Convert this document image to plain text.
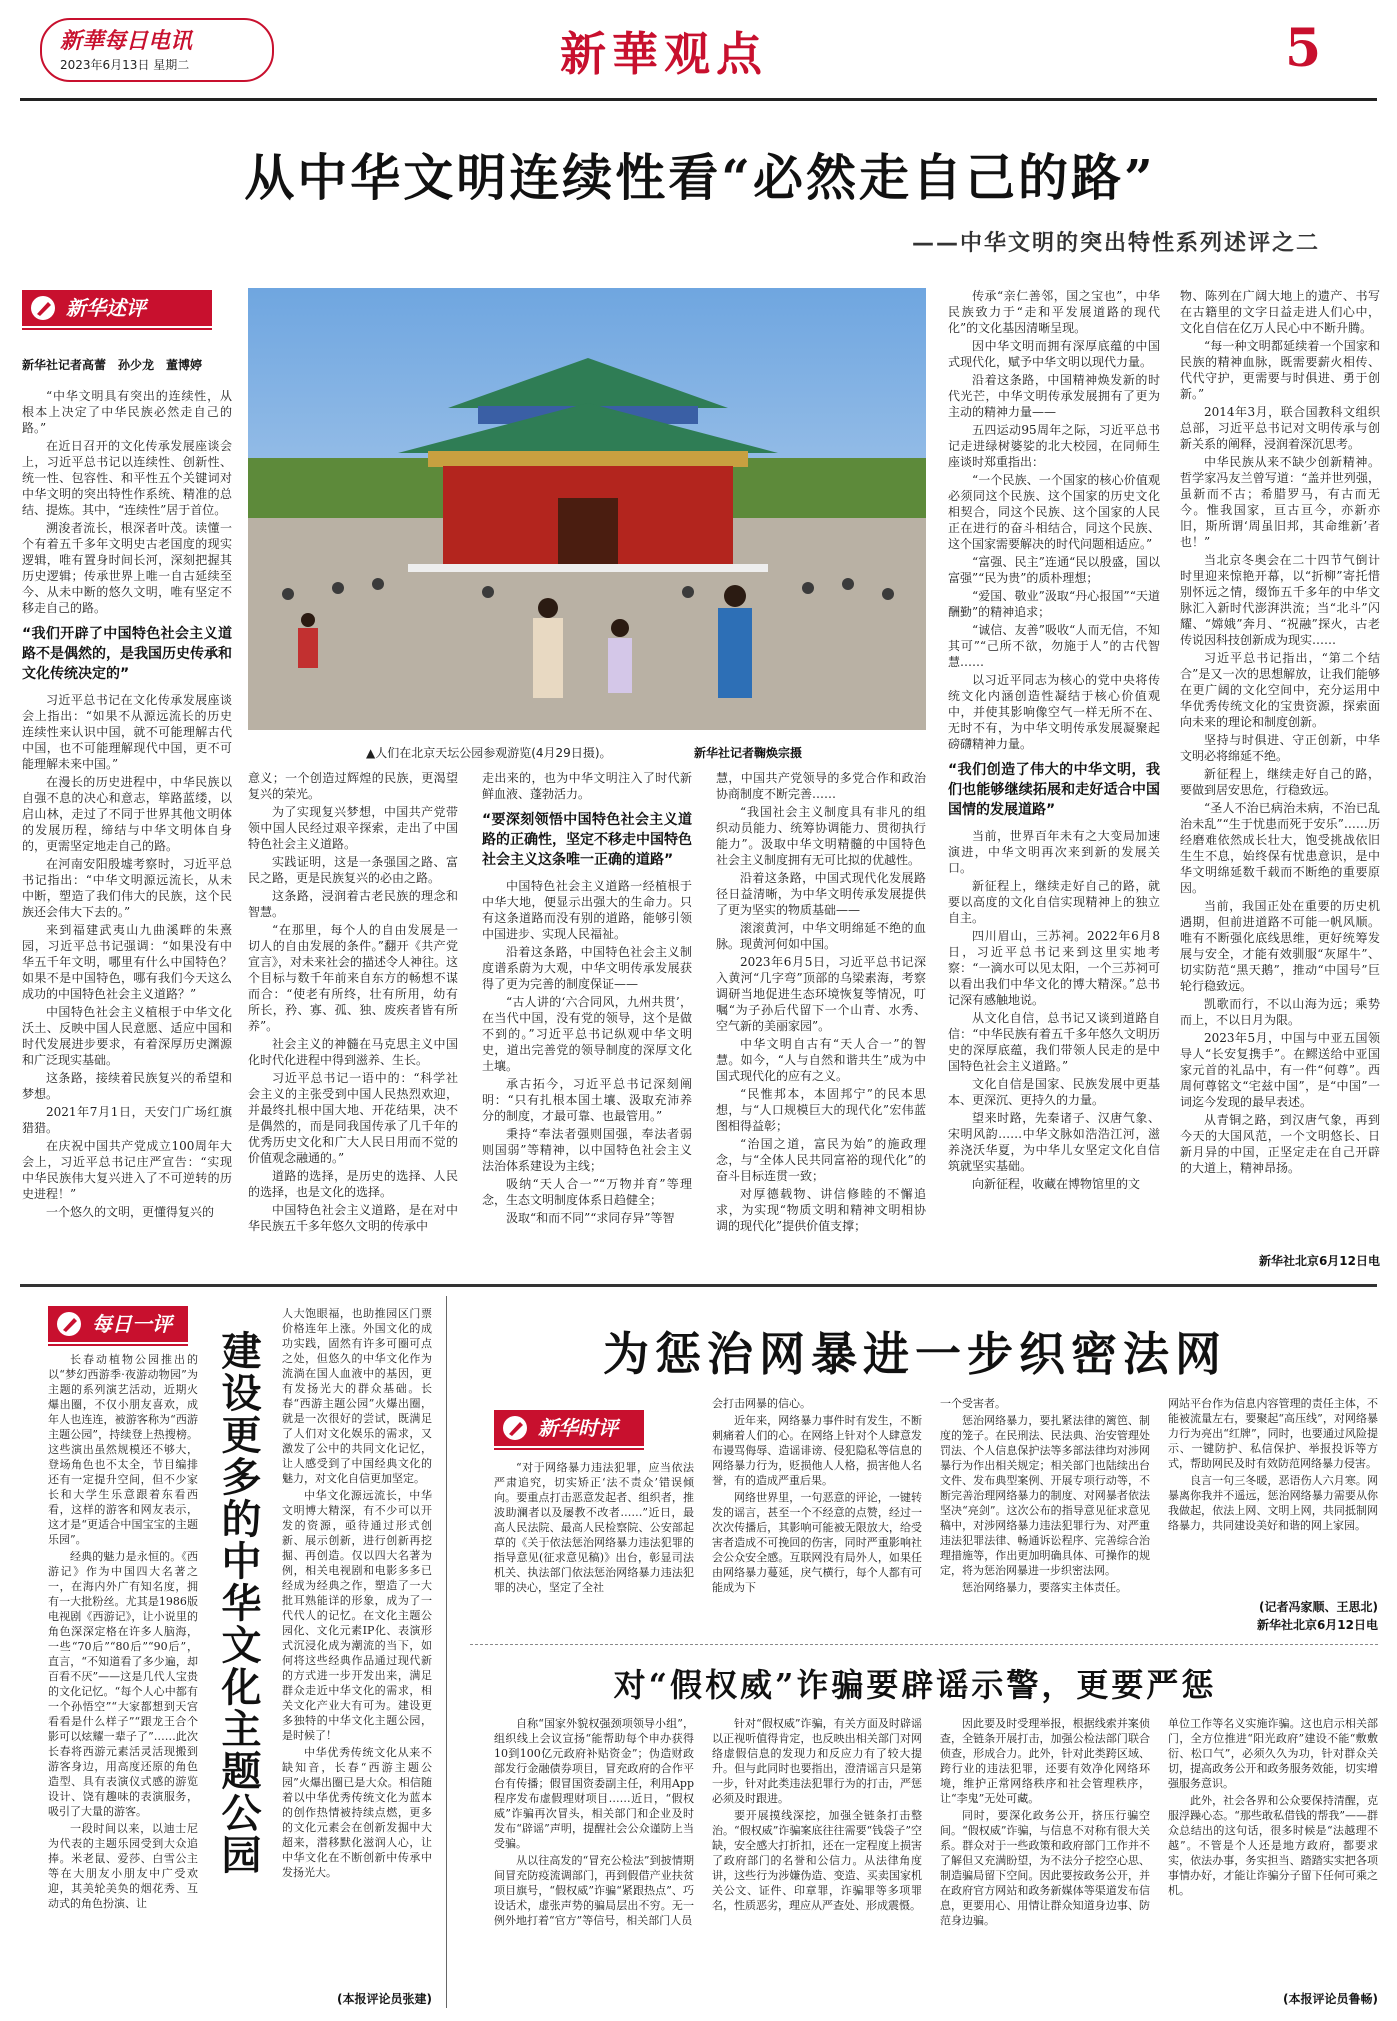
新華每日电讯
2023年6月13日 星期二	新華观点	5
从中华文明连续性看“必然走自己的路”
——中华文明的突出特性系列述评之二
新华述评
新华社记者高蕾　孙少龙　董博婷
▲人们在北京天坛公园参观游览(4月29日摄)。	新华社记者鞠焕宗摄

“中华文明具有突出的连续性，从根本上决定了中华民族必然走自己的路。”

在近日召开的文化传承发展座谈会上，习近平总书记以连续性、创新性、统一性、包容性、和平性五个关键词对中华文明的突出特性作系统、精准的总结、提炼。其中，“连续性”居于首位。

溯浚者流长，根深者叶茂。读懂一个有着五千多年文明史古老国度的现实逻辑，唯有置身时间长河，深刻把握其历史逻辑；传承世界上唯一自古延续至今、从未中断的悠久文明，唯有坚定不移走自己的路。

“我们开辟了中国特色社会主义道路不是偶然的，是我国历史传承和文化传统决定的”

习近平总书记在文化传承发展座谈会上指出：“如果不从源远流长的历史连续性来认识中国，就不可能理解古代中国，也不可能理解现代中国，更不可能理解未来中国。”

在漫长的历史进程中，中华民族以自强不息的决心和意志，筚路蓝缕，以启山林，走过了不同于世界其他文明体的发展历程，缔结与中华文明体自身的，更需坚定地走自己的路。

在河南安阳殷墟考察时，习近平总书记指出：“中华文明源远流长，从未中断，塑造了我们伟大的民族，这个民族还会伟大下去的。”

来到福建武夷山九曲溪畔的朱熹园，习近平总书记强调：“如果没有中华五千年文明，哪里有什么中国特色？如果不是中国特色，哪有我们今天这么成功的中国特色社会主义道路？”

中国特色社会主义植根于中华文化沃土、反映中国人民意愿、适应中国和时代发展进步要求，有着深厚历史渊源和广泛现实基础。

这条路，接续着民族复兴的希望和梦想。

2021年7月1日，天安门广场红旗猎猎。

在庆祝中国共产党成立100周年大会上，习近平总书记庄严宣告：“实现中华民族伟大复兴进入了不可逆转的历史进程！”

一个悠久的文明，更懂得复兴的

意义；一个创造过辉煌的民族，更渴望复兴的荣光。

为了实现复兴梦想，中国共产党带领中国人民经过艰辛探索，走出了中国特色社会主义道路。

实践证明，这是一条强国之路、富民之路，更是民族复兴的必由之路。

这条路，浸润着古老民族的理念和智慧。

“在那里，每个人的自由发展是一切人的自由发展的条件。”翻开《共产党宣言》，对未来社会的描述令人神往。这个目标与数千年前来自东方的畅想不谋而合：“使老有所终，壮有所用，幼有所长，矜、寡、孤、独、废疾者皆有所养”。

社会主义的神髓在马克思主义中国化时代化进程中得到滋养、生长。

习近平总书记一语中的：“科学社会主义的主张受到中国人民热烈欢迎，并最终扎根中国大地、开花结果，决不是偶然的，而是同我国传承了几千年的优秀历史文化和广大人民日用而不觉的价值观念融通的。”

道路的选择，是历史的选择、人民的选择，也是文化的选择。

中国特色社会主义道路，是在对中华民族五千多年悠久文明的传承中

走出来的，也为中华文明注入了时代新鲜血液、蓬勃活力。

“要深刻领悟中国特色社会主义道路的正确性，坚定不移走中国特色社会主义这条唯一正确的道路”

中国特色社会主义道路一经植根于中华大地，便显示出强大的生命力。只有这条道路而没有别的道路，能够引领中国进步、实现人民福祉。

沿着这条路，中国特色社会主义制度谱系蔚为大观，中华文明传承发展获得了更为完善的制度保证——

“古人讲的‘六合同风，九州共贯’，在当代中国，没有党的领导，这个是做不到的。”习近平总书记纵观中华文明史，道出完善党的领导制度的深厚文化土壤。

承古拓今，习近平总书记深刻阐明：“只有扎根本国土壤、汲取充沛养分的制度，才最可靠、也最管用。”

秉持“奉法者强则国强，奉法者弱则国弱”等精神，以中国特色社会主义法治体系建设为主线；

吸纳“天人合一”“万物并育”等理念，生态文明制度体系日趋健全；

汲取“和而不同”“求同存异”等智

慧，中国共产党领导的多党合作和政治协商制度不断完善……

“我国社会主义制度具有非凡的组织动员能力、统筹协调能力、贯彻执行能力”。汲取中华文明精髓的中国特色社会主义制度拥有无可比拟的优越性。

沿着这条路，中国式现代化发展路径日益清晰，为中华文明传承发展提供了更为坚实的物质基础——

滚滚黄河，中华文明绵延不绝的血脉。现黄河何如中国。

2023年6月5日，习近平总书记深入黄河“几字弯”顶部的乌梁素海，考察调研当地促进生态环境恢复等情况，叮嘱“为子孙后代留下一个山青、水秀、空气新的美丽家园”。

中华文明自古有“天人合一”的智慧。如今，“人与自然和谐共生”成为中国式现代化的应有之义。

“民惟邦本，本固邦宁”的民本思想，与“人口规模巨大的现代化”宏伟蓝图相得益彰；

“治国之道，富民为始”的施政理念，与“全体人民共同富裕的现代化”的奋斗目标连贯一致；

对厚德载物、讲信修睦的不懈追求，为实现“物质文明和精神文明相协调的现代化”提供价值支撑；

传承“亲仁善邻，国之宝也”，中华民族致力于“走和平发展道路的现代化”的文化基因清晰呈现。

因中华文明而拥有深厚底蕴的中国式现代化，赋予中华文明以现代力量。

沿着这条路，中国精神焕发新的时代光芒，中华文明传承发展拥有了更为主动的精神力量——

五四运动95周年之际，习近平总书记走进绿树婆娑的北大校园，在同师生座谈时郑重指出：

“一个民族、一个国家的核心价值观必须同这个民族、这个国家的历史文化相契合，同这个民族、这个国家的人民正在进行的奋斗相结合，同这个民族、这个国家需要解决的时代问题相适应。”

“富强、民主”连通“民以殷盛，国以富强”“民为贵”的质朴理想；

“爱国、敬业”汲取“丹心报国”“天道酬勤”的精神追求；

“诚信、友善”吸收“人而无信，不知其可”“己所不欲，勿施于人”的古代智慧……

以习近平同志为核心的党中央将传统文化内涵创造性凝结于核心价值观中，并使其影响像空气一样无所不在、无时不有，为中华文明传承发展凝聚起磅礴精神力量。

“我们创造了伟大的中华文明，我们也能够继续拓展和走好适合中国国情的发展道路”

当前，世界百年未有之大变局加速演进，中华文明再次来到新的发展关口。

新征程上，继续走好自己的路，就要以高度的文化自信实现精神上的独立自主。

四川眉山，三苏祠。2022年6月8日，习近平总书记来到这里实地考察：“一滴水可以见太阳，一个三苏祠可以看出我们中华文化的博大精深。”总书记深有感触地说。

从文化自信，总书记又谈到道路自信：“中华民族有着五千多年悠久文明历史的深厚底蕴，我们带领人民走的是中国特色社会主义道路。”

文化自信是国家、民族发展中更基本、更深沉、更持久的力量。

望来时路，先秦诸子、汉唐气象、宋明风韵……中华文脉如浩浩江河，滋养浇沃华夏，为中华儿女坚定文化自信筑就坚实基础。

向新征程，收藏在博物馆里的文

物、陈列在广阔大地上的遗产、书写在古籍里的文字日益走进人们心中，文化自信在亿万人民心中不断升腾。

“每一种文明都延续着一个国家和民族的精神血脉，既需要薪火相传、代代守护，更需要与时俱进、勇于创新。”

2014年3月，联合国教科文组织总部，习近平总书记对文明传承与创新关系的阐释，浸润着深沉思考。

中华民族从来不缺少创新精神。哲学家冯友兰曾写道：“盖并世列强，虽新而不古；希腊罗马，有古而无今。惟我国家，亘古亘今，亦新亦旧，斯所谓‘周虽旧邦，其命维新’者也！”

当北京冬奥会在二十四节气倒计时里迎来惊艳开幕，以“折柳”寄托惜别怀远之情，缀饰五千多年的中华文脉汇入新时代澎湃洪流；当“北斗”闪耀、“嫦娥”奔月、“祝融”探火，古老传说因科技创新成为现实……

习近平总书记指出，“第二个结合”是又一次的思想解放，让我们能够在更广阔的文化空间中，充分运用中华优秀传统文化的宝贵资源，探索面向未来的理论和制度创新。

坚持与时俱进、守正创新，中华文明必将绵延不绝。

新征程上，继续走好自己的路，要做到居安思危，行稳致远。

“圣人不治已病治未病，不治已乱治未乱”“生于忧患而死于安乐”……历经磨难依然成长壮大，饱受挑战依旧生生不息，始终保有忧患意识，是中华文明绵延数千载而不断绝的重要原因。

当前，我国正处在重要的历史机遇期，但前进道路不可能一帆风顺。唯有不断强化底线思维，更好统筹发展与安全，才能有效驯服“灰犀牛”、切实防范“黑天鹅”，推动“中国号”巨轮行稳致远。

凯歌而行，不以山海为远；乘势而上，不以日月为限。

2023年5月，中国与中亚五国领导人“长安复携手”。在鳏送给中亚国家元首的礼品中，有一件“何尊”。西周何尊铭文“宅兹中国”，是“中国”一词迄今发现的最早表述。

从青铜之路，到汉唐气象，再到今天的大国风范，一个文明悠长、日新月异的中国，正坚定走在自己开辟的大道上，精神昂扬。

新华社北京6月12日电
每日一评
建设更多的中华文化主题公园

长春动植物公园推出的以“梦幻西游季·夜游动物园”为主题的系列演艺活动，近期火爆出圈，不仅小朋友喜欢，成年人也连连，被游客称为“西游主题公园”，持续登上热搜榜。这些演出虽然规模还不够大，登场角色也不太全，节目编排还有一定提升空间，但不少家长和大学生乐意跟着东看西看，这样的游客和网友表示，这才是“更适合中国宝宝的主题乐园”。

经典的魅力是永恒的。《西游记》作为中国四大名著之一，在海内外广有知名度，拥有一大批粉丝。尤其是1986版电视剧《西游记》，让小说里的角色深深定格在许多人脑海，一些“70后”“80后”“90后”，直言，“不知道看了多少遍，却百看不厌”——这是几代人宝贵的文化记忆。“每个人心中都有一个孙悟空”“大家都想到天宫看看是什么样子”“跟龙王合个影可以炫耀一辈子了”……此次长春将西游元素活灵活现搬到游客身边，用高度还原的角色造型、具有表演仪式感的游览设计、饶有趣味的表演服务，吸引了大量的游客。

一段时间以来，以迪士尼为代表的主题乐园受到大众追捧。米老鼠、爱莎、白雪公主等在大朋友小朋友中广受欢迎，其美轮美奂的烟花秀、互动式的角色扮演、让

人大饱眼福，也助推园区门票价格连年上涨。外国文化的成功实践，固然有许多可圈可点之处，但悠久的中华文化作为流淌在国人血液中的基因，更有发扬光大的群众基础。长春“西游主题公园”火爆出圈，就是一次很好的尝试，既满足了人们对文化娱乐的需求，又激发了公中的共同文化记忆，让人感受到了中国经典文化的魅力，对文化自信更加坚定。

中华文化源远流长，中华文明博大精深，有不少可以开发的资源，亟待通过形式创新、展示创新，进行创新再挖掘、再创造。仅以四大名著为例，相关电视剧和电影多多已经成为经典之作，塑造了一大批耳熟能详的形象，成为了一代代人的记忆。在文化主题公园化、文化元素IP化、表演形式沉浸化成为潮流的当下，如何将这些经典作品通过现代新的方式进一步开发出来，满足群众走近中华文化的需求，相关文化产业大有可为。建设更多独特的中华文化主题公园，是时候了！

中华优秀传统文化从来不缺知音，长春“西游主题公园”火爆出圈已是大众。相信随着以中华优秀传统文化为蓝本的创作热情被持续点燃，更多的文化元素会在创新发掘中大超来，潜移默化滋润人心，让中华文化在不断创新中传承中发扬光大。

(本报评论员张建)
为惩治网暴进一步织密法网
新华时评

“对于网络暴力违法犯罪，应当依法严肃追究，切实矫正‘法不责众’错误倾向。要重点打击恶意发起者、组织者，推波助澜者以及屡教不改者……”近日，最高人民法院、最高人民检察院、公安部起草的《关于依法惩治网络暴力违法犯罪的指导意见(征求意见稿)》出台，彰显司法机关、执法部门依法惩治网络暴力违法犯罪的决心，坚定了全社

会打击网暴的信心。

近年来，网络暴力事件时有发生，不断刺痛着人们的心。在网络上针对个人肆意发布谩骂侮辱、造谣诽谤、侵犯隐私等信息的网络暴力行为，贬损他人人格，损害他人名誉，有的造成严重后果。

网络世界里，一句恶意的评论，一键转发的谣言，甚至一个不经意的点赞，经过一次次传播后，其影响可能被无限放大，给受害者造成不可挽回的伤害，同时严重影响社会公众安全感。互联网没有局外人，如果任由网络暴力蔓延，戾气横行，每个人都有可能成为下

一个受害者。

惩治网络暴力，要扎紧法律的篱笆、制度的笼子。在民刑法、民法典、治安管理处罚法、个人信息保护法等多部法律均对涉网暴行为作出相关规定；相关部门也陆续出台文件、发布典型案例、开展专项行动等，不断完善治理网络暴力的制度、对网暴者依法坚决“亮剑”。这次公布的指导意见征求意见稿中，对涉网络暴力违法犯罪行为、对严重违法犯罪法律、畅通诉讼程序、完善综合治理措施等，作出更加明确具体、可操作的规定，将为惩治网暴进一步织密法网。

惩治网络暴力，要落实主体责任。

网站平台作为信息内容管理的责任主体，不能被流量左右，要聚起“高压线”，对网络暴力行为亮出“红牌”，同时，也要通过风险提示、一键防护、私信保护、举报投诉等方式，帮助网民及时有效防范网络暴力侵害。

良言一句三冬暖，恶语伤人六月寒。网暴离你我并不遥远，惩治网络暴力需要从你我做起，依法上网、文明上网，共同抵制网络暴力，共同建设美好和谐的网上家园。

(记者冯家顺、王思北)
新华社北京6月12日电
对“假权威”诈骗要辟谣示警，更要严惩

自称“国家外貌权强颈项领导小组”，组织线上会议宣扬“能帮助每个申办获得10到100亿元政府补贴资金”；伪造财政部发行金融债券项目，冒充政府的合作平台有传播；假冒国资委副主任，利用App程序发布虚假理财项目……近日，“假权威”诈骗再次冒头，相关部门和企业及时发布“辟谣”声明，提醒社会公众谨防上当受骗。

从以往高发的“冒充公检法”到披情期间冒充防疫流调部门，再到假借产业扶贫项目旗号，“假权威”诈骗“紧跟热点”、巧设话术，虚张声势的骗局层出不穷。无一例外地打着“官方”等信号，相关部门人员

针对“假权威”诈骗，有关方面及时辟谣以正视听值得肯定，也反映出相关部门对网络虚假信息的发现力和反应力有了较大提升。但与此同时也要指出，澄清谣言只是第一步，针对此类违法犯罪行为的打击，严惩必须及时跟进。

要开展摸线深挖，加强全链条打击整治。“假权威”诈骗案底往往需要“钱袋子”空缺，安全感大打折扣，还在一定程度上损害了政府部门的名誉和公信力。从法律角度讲，这些行为涉嫌伪造、变造、买卖国家机关公文、证件、印章罪，诈骗罪等多项罪名，性质恶劣，理应从严查处、形成震慑。

因此要及时受理举报，根据线索并案侦查，全链条开展打击，加强公检法部门联合侦查，形成合力。此外，针对此类跨区域、跨行业的违法犯罪，还要有效净化网络环境，维护正常网络秩序和社会管理秩序，让“李鬼”无处可藏。

同时，要深化政务公开，挤压行骗空间。“假权威”诈骗，与信息不对称有很大关系。群众对于一些政策和政府部门工作并不了解但又充满盼望，为不法分子挖空心思、制造骗局留下空间。因此要按政务公开，并在政府官方网站和政务新媒体等渠道发布信息，更要用心、用情让群众知道身边事、防范身边骗。

单位工作等名义实施诈骗。这也启示相关部门，全方位推进“阳光政府”建设不能“敷敷衍、松口气”，必须久久为功，针对群众关切，提高政务公开和政务服务效能，切实增强服务意识。

此外，社会各界和公众要保持清醒，克服浮躁心态。“那些敢私借钱的帮我”——群众总结出的这句话，很多时候是“法越理不越”。不管是个人还是地方政府，都要求实，依法办事，务实担当、踏踏实实把各项事情办好，才能让诈骗分子留下任何可乘之机。

(本报评论员鲁畅)
